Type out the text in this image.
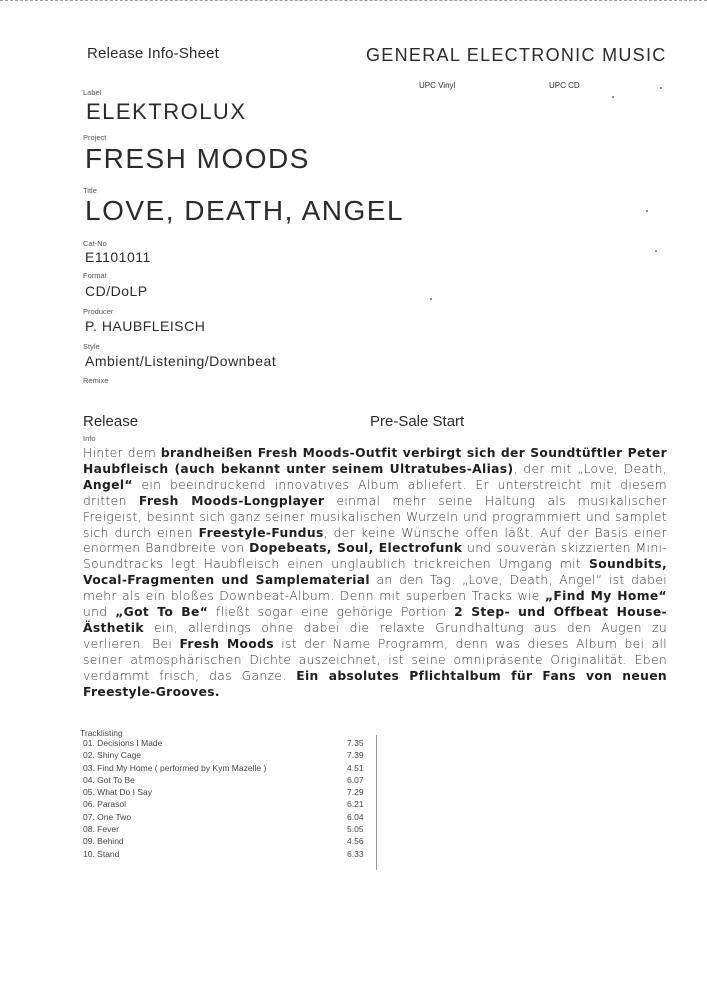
Release Info-Sheet	GENERAL ELECTRONIC MUSIC
UPC Vinyl	UPC CD
Label
ELEKTROLUX
Project
FRESH MOODS
Title
LOVE, DEATH, ANGEL
Cat-No
E1101011
Format
CD/DoLP
Producer
P. HAUBFLEISCH
Style
Ambient/Listening/Downbeat
Remixe
Release	Pre-Sale Start
Info
Hinter dem brandheißen Fresh Moods-Outfit verbirgt sich der Soundtüftler Peter Haubfleisch (auch bekannt unter seinem Ultratubes-Alias), der mit „Love, Death, Angel“ ein beeindruckend innovatives Album abliefert. Er unterstreicht mit diesem dritten Fresh Moods-Longplayer einmal mehr seine Haltung als musikalischer Freigeist, besinnt sich ganz seiner musikalischen Wurzeln und programmiert und samplet sich durch einen Freestyle-Fundus, der keine Wünsche offen läßt. Auf der Basis einer enormen Bandbreite von Dopebeats, Soul, Electrofunk und souverän skizzierten Mini-Soundtracks legt Haubfleisch einen unglaublich trickreichen Umgang mit Soundbits, Vocal-Fragmenten und Samplematerial an den Tag. „Love, Death, Angel“ ist dabei mehr als ein bloßes Downbeat-Album. Denn mit superben Tracks wie „Find My Home“ und „Got To Be“ fließt sogar eine gehörige Portion 2 Step- und Offbeat House-Ästhetik ein, allerdings ohne dabei die relaxte Grundhaltung aus den Augen zu verlieren. Bei Fresh Moods ist der Name Programm, denn was dieses Album bei all seiner atmosphärischen Dichte auszeichnet, ist seine omnipräsente Originalität. Eben verdammt frisch, das Ganze. Ein absolutes Pflichtalbum für Fans von neuen Freestyle-Grooves.
Tracklisting
01. Decisions I Made	7.35
02. Shiny Cage	7.39
03. Find My Home ( performed by Kym Mazelle )	4.51
04. Got To Be	6.07
05. What Do I Say	7.29
06. Parasol	6.21
07. One Two	6.04
08. Fever	5.05
09. Behind	4.56
10. Stand	6.33
